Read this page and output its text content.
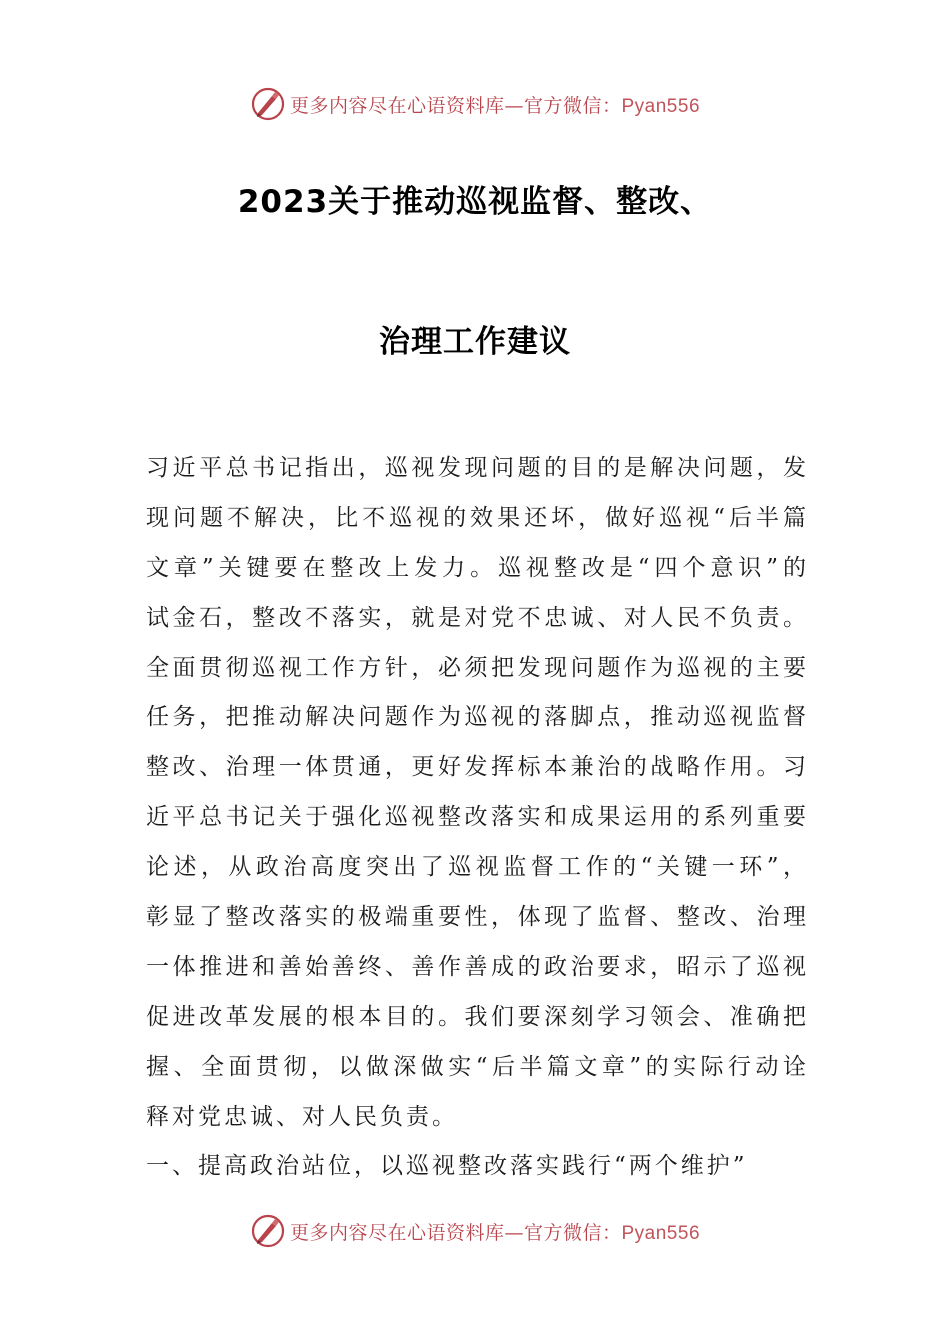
更多内容尽在心语资料库—官方微信：Pyan556
2023关于推动巡视监督、整改、
治理工作建议
习近平总书记指出，巡视发现问题的目的是解决问题，发
现问题不解决，比不巡视的效果还坏，做好巡视“后半篇
文章”关键要在整改上发力。巡视整改是“四个意识”的
试金石，整改不落实，就是对党不忠诚、对人民不负责。
全面贯彻巡视工作方针，必须把发现问题作为巡视的主要
任务，把推动解决问题作为巡视的落脚点，推动巡视监督
整改、治理一体贯通，更好发挥标本兼治的战略作用。习
近平总书记关于强化巡视整改落实和成果运用的系列重要
论述，从政治高度突出了巡视监督工作的“关键一环”，
彰显了整改落实的极端重要性，体现了监督、整改、治理
一体推进和善始善终、善作善成的政治要求，昭示了巡视
促进改革发展的根本目的。我们要深刻学习领会、准确把
握、全面贯彻，以做深做实“后半篇文章”的实际行动诠
释对党忠诚、对人民负责。
一、提高政治站位，以巡视整改落实践行“两个维护”
更多内容尽在心语资料库—官方微信：Pyan556
